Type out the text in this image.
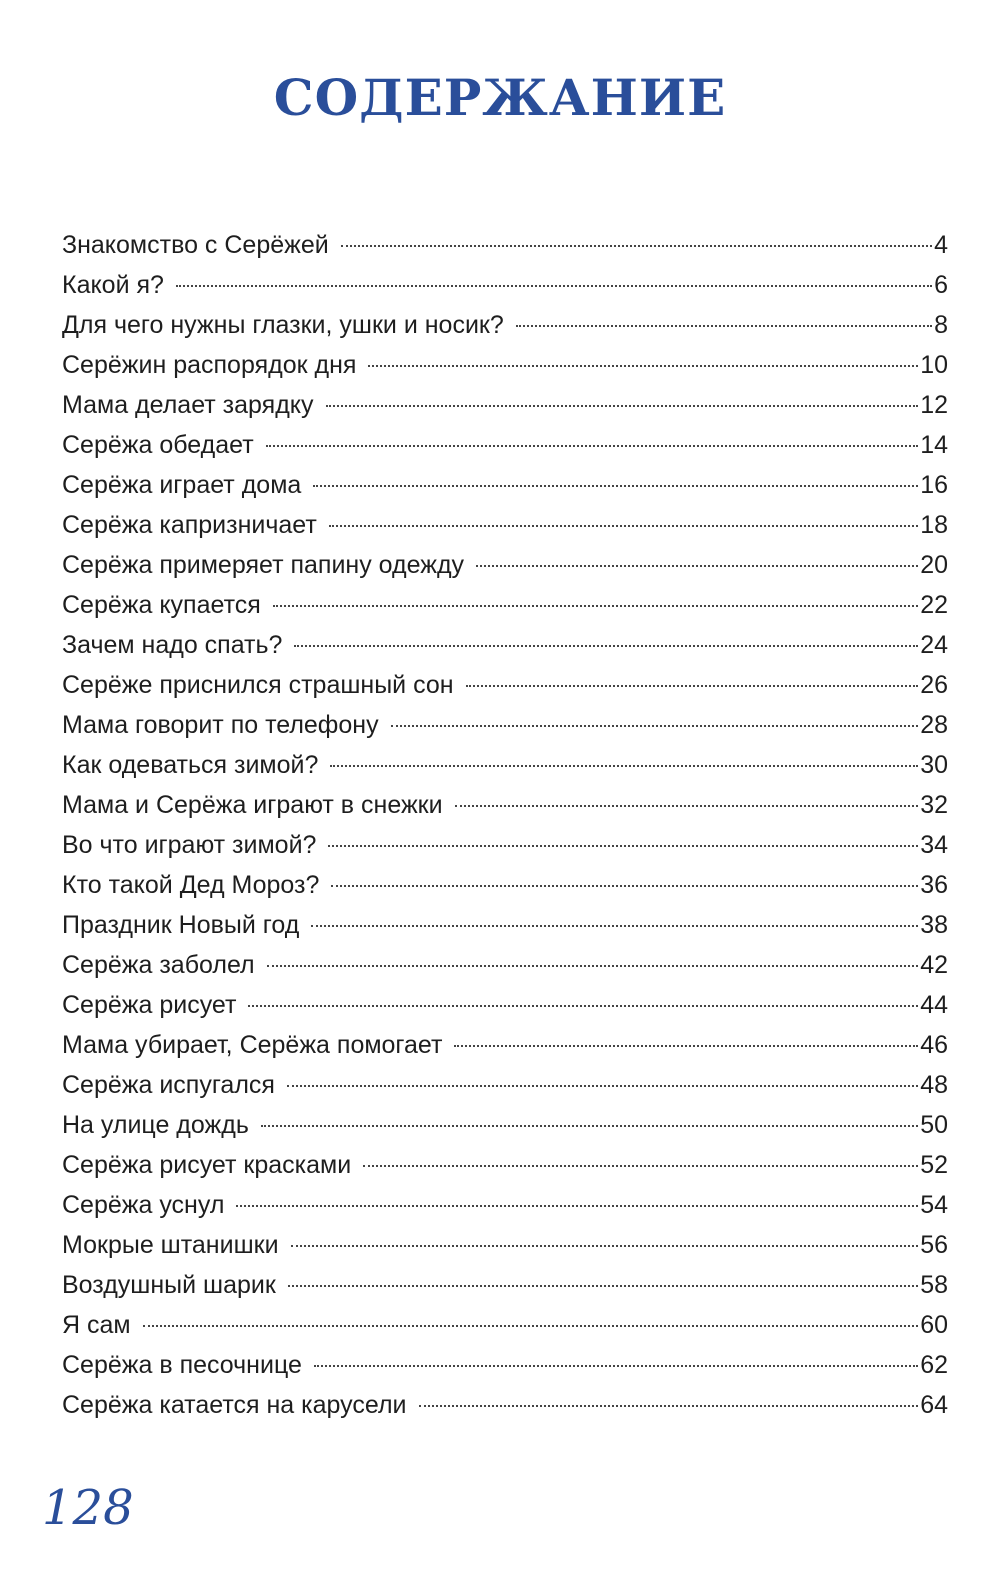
СОДЕРЖАНИЕ
Знакомство с Серёжей	4
Какой я?	6
Для чего нужны глазки, ушки и носик?	8
Серёжин распорядок дня	10
Мама делает зарядку	12
Серёжа обедает	14
Серёжа играет дома	16
Серёжа капризничает	18
Серёжа примеряет папину одежду	20
Серёжа купается	22
Зачем надо спать?	24
Серёже приснился страшный сон	26
Мама говорит по телефону	28
Как одеваться зимой?	30
Мама и Серёжа играют в снежки	32
Во что играют зимой?	34
Кто такой Дед Мороз?	36
Праздник Новый год	38
Серёжа заболел	42
Серёжа рисует	44
Мама убирает, Серёжа помогает	46
Серёжа испугался	48
На улице дождь	50
Серёжа рисует красками	52
Серёжа уснул	54
Мокрые штанишки	56
Воздушный шарик	58
Я сам	60
Серёжа в песочнице	62
Серёжа катается на карусели	64
128
